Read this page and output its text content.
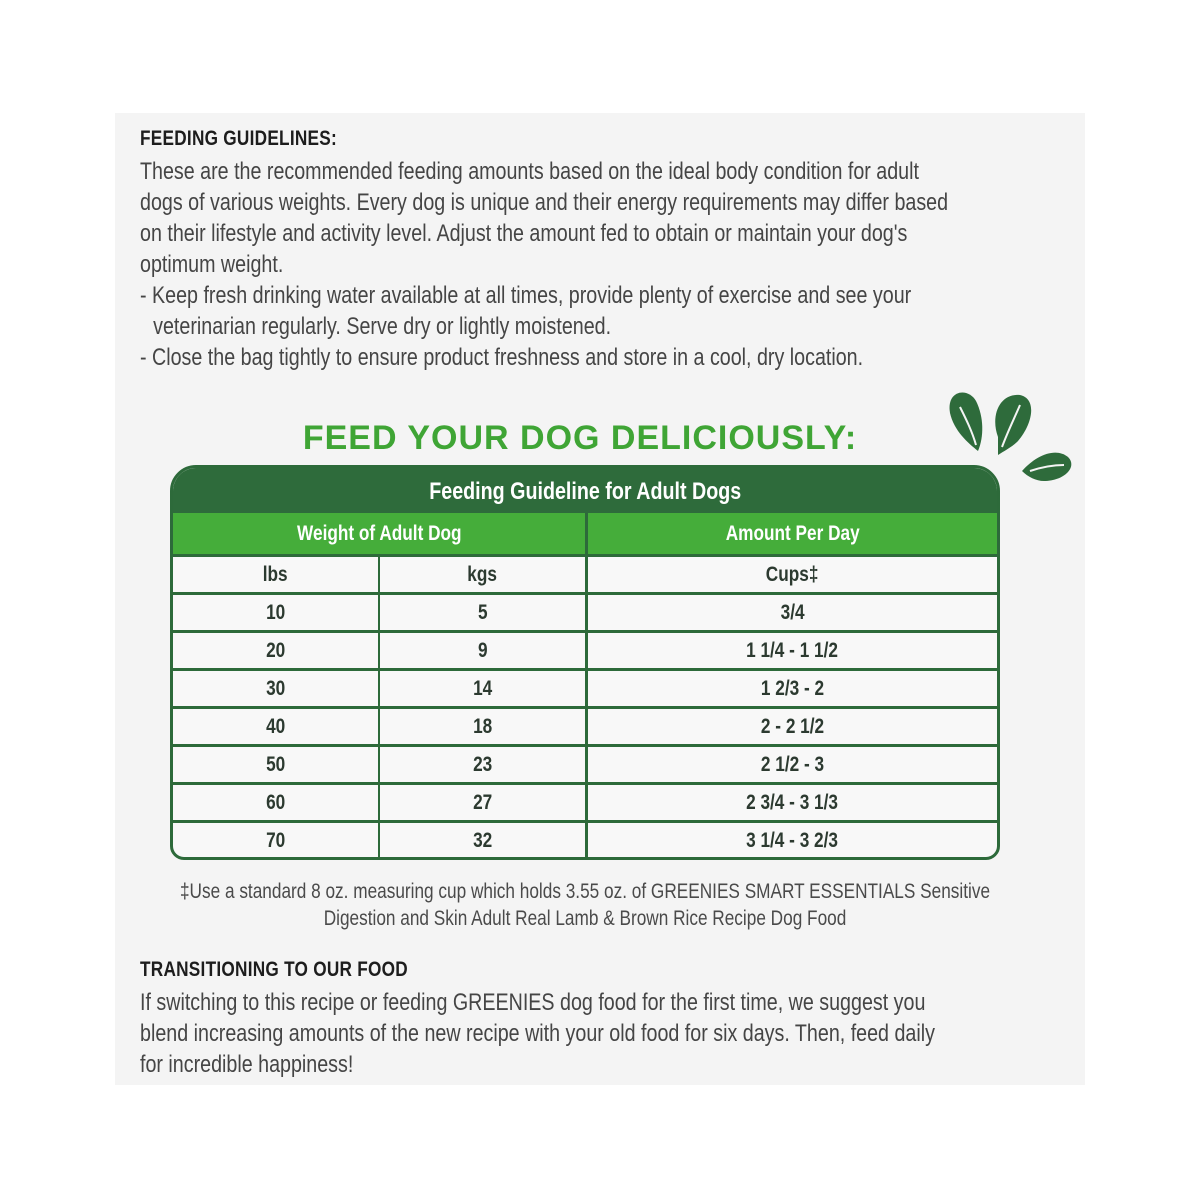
FEEDING GUIDELINES:
These are the recommended feeding amounts based on the ideal body condition for adult
dogs of various weights. Every dog is unique and their energy requirements may differ based
on their lifestyle and activity level. Adjust the amount fed to obtain or maintain your dog's
optimum weight.
- Keep fresh drinking water available at all times, provide plenty of exercise and see your
veterinarian regularly. Serve dry or lightly moistened.
- Close the bag tightly to ensure product freshness and store in a cool, dry location.
FEED YOUR DOG DELICIOUSLY:
Feeding Guideline for Adult Dogs
Weight of Adult Dog	Amount Per Day
lbs	kgs	Cups‡
10	5	3/4
20	9	1 1/4 - 1 1/2
30	14	1 2/3 - 2
40	18	2 - 2 1/2
50	23	2 1/2 - 3
60	27	2 3/4 - 3 1/3
70	32	3 1/4 - 3 2/3
‡Use a standard 8 oz. measuring cup which holds 3.55 oz. of GREENIES SMART ESSENTIALS Sensitive
Digestion and Skin Adult Real Lamb & Brown Rice Recipe Dog Food
TRANSITIONING TO OUR FOOD
If switching to this recipe or feeding GREENIES dog food for the first time, we suggest you
blend increasing amounts of the new recipe with your old food for six days. Then, feed daily
for incredible happiness!
